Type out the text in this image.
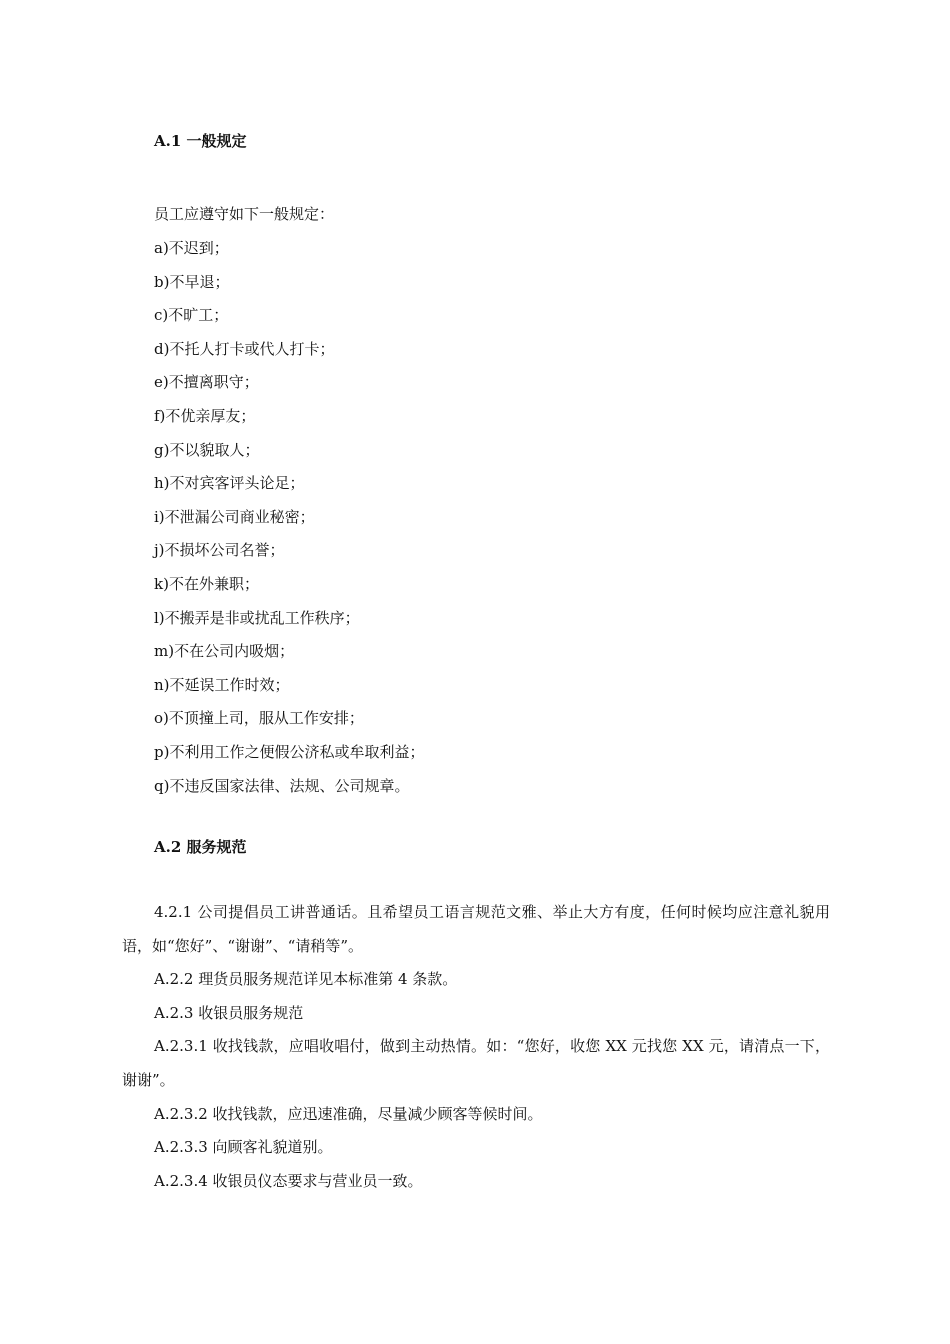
A.1 一般规定
员工应遵守如下一般规定：
a)不迟到；
b)不早退；
c)不旷工；
d)不托人打卡或代人打卡；
e)不擅离职守；
f)不优亲厚友；
g)不以貌取人；
h)不对宾客评头论足；
i)不泄漏公司商业秘密；
j)不损坏公司名誉；
k)不在外兼职；
l)不搬弄是非或扰乱工作秩序；
m)不在公司内吸烟；
n)不延误工作时效；
o)不顶撞上司，服从工作安排；
p)不利用工作之便假公济私或牟取利益；
q)不违反国家法律、法规、公司规章。
A.2 服务规范

4.2.1 公司提倡员工讲普通话。且希望员工语言规范文雅、举止大方有度，任何时候均应注意礼貌用语，如“您好”、“谢谢”、“请稍等”。

A.2.2 理货员服务规范详见本标准第 4 条款。

A.2.3 收银员服务规范

A.2.3.1 收找钱款，应唱收唱付，做到主动热情。如：“您好，收您 XX 元找您 XX 元，请清点一下，谢谢”。

A.2.3.2 收找钱款，应迅速准确，尽量减少顾客等候时间。

A.2.3.3 向顾客礼貌道别。

A.2.3.4 收银员仪态要求与营业员一致。
